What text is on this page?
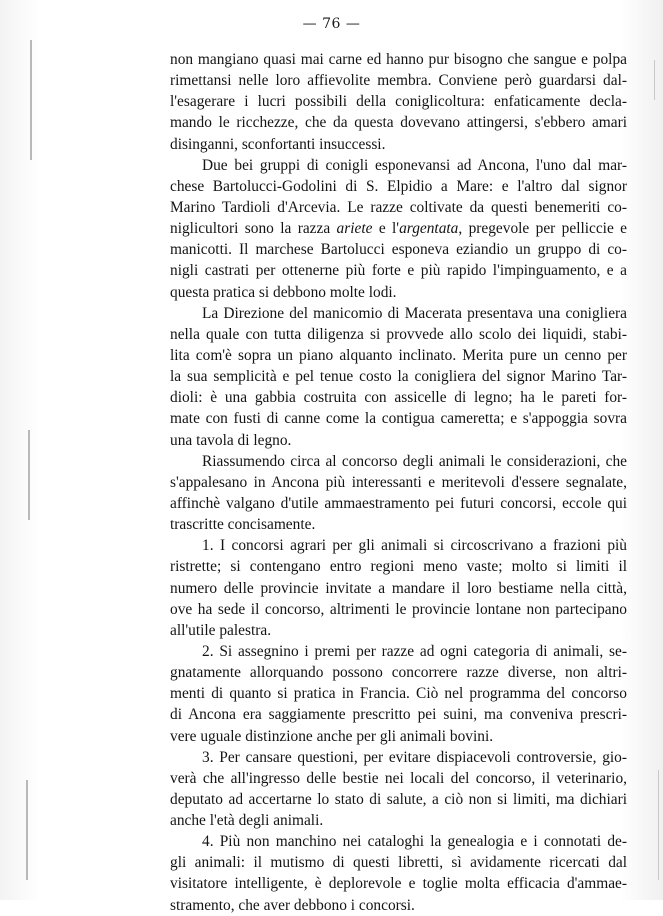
— 76 —
non mangiano quasi mai carne ed hanno pur bisogno che sangue e polpa
rimettansi nelle loro affievolite membra. Conviene però guardarsi dal-
l'esagerare i lucri possibili della coniglicoltura: enfaticamente decla-
mando le ricchezze, che da questa dovevano attingersi, s'ebbero amari
disinganni, sconfortanti insuccessi.
Due bei gruppi di conigli esponevansi ad Ancona, l'uno dal mar-
chese Bartolucci-Godolini di S. Elpidio a Mare: e l'altro dal signor
Marino Tardioli d'Arcevia. Le razze coltivate da questi benemeriti co-
niglicultori sono la razza ariete e l'argentata, pregevole per pelliccie e
manicotti. Il marchese Bartolucci esponeva eziandio un gruppo di co-
nigli castrati per ottenerne più forte e più rapido l'impinguamento, e a
questa pratica si debbono molte lodi.
La Direzione del manicomio di Macerata presentava una conigliera
nella quale con tutta diligenza si provvede allo scolo dei liquidi, stabi-
lita com'è sopra un piano alquanto inclinato. Merita pure un cenno per
la sua semplicità e pel tenue costo la conigliera del signor Marino Tar-
dioli: è una gabbia costruita con assicelle di legno; ha le pareti for-
mate con fusti di canne come la contigua cameretta; e s'appoggia sovra
una tavola di legno.
Riassumendo circa al concorso degli animali le considerazioni, che
s'appalesano in Ancona più interessanti e meritevoli d'essere segnalate,
affinchè valgano d'utile ammaestramento pei futuri concorsi, eccole qui
trascritte concisamente.
1. I concorsi agrari per gli animali si circoscrivano a frazioni più
ristrette; si contengano entro regioni meno vaste; molto si limiti il
numero delle provincie invitate a mandare il loro bestiame nella città,
ove ha sede il concorso, altrimenti le provincie lontane non partecipano
all'utile palestra.
2. Si assegnino i premi per razze ad ogni categoria di animali, se-
gnatamente allorquando possono concorrere razze diverse, non altri-
menti di quanto si pratica in Francia. Ciò nel programma del concorso
di Ancona era saggiamente prescritto pei suini, ma conveniva prescri-
vere uguale distinzione anche per gli animali bovini.
3. Per cansare questioni, per evitare dispiacevoli controversie, gio-
verà che all'ingresso delle bestie nei locali del concorso, il veterinario,
deputato ad accertarne lo stato di salute, a ciò non si limiti, ma dichiari
anche l'età degli animali.
4. Più non manchino nei cataloghi la genealogia e i connotati de-
gli animali: il mutismo di questi libretti, sì avidamente ricercati dal
visitatore intelligente, è deplorevole e toglie molta efficacia d'ammae-
stramento, che aver debbono i concorsi.
